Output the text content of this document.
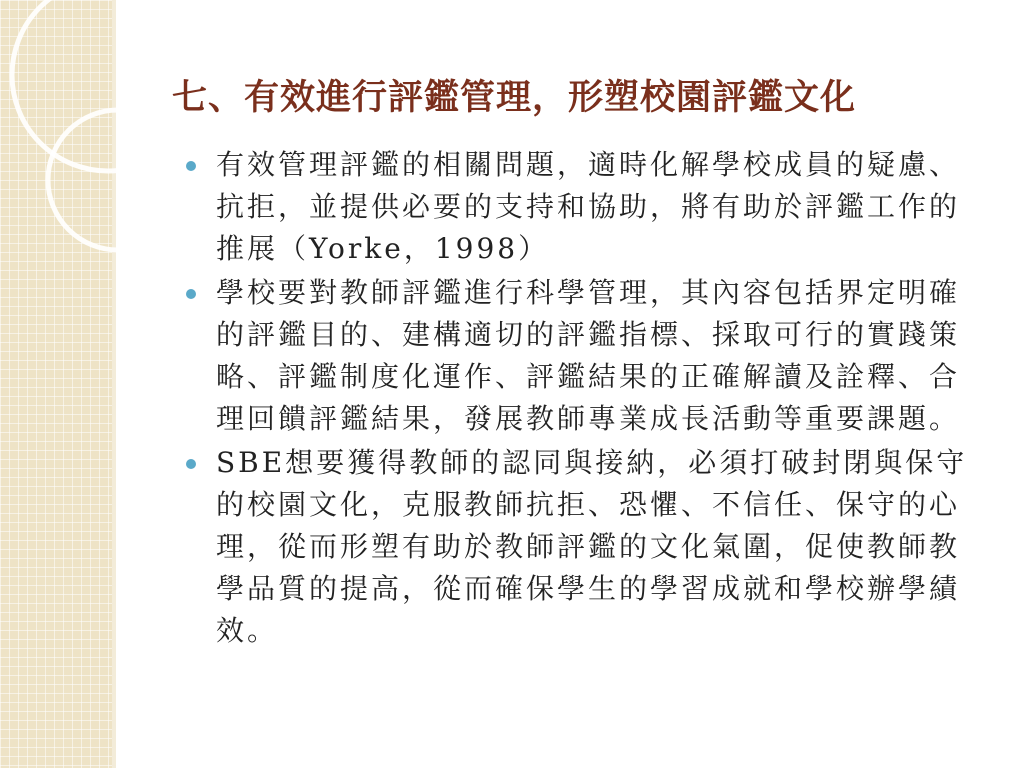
七、有效進行評鑑管理，形塑校園評鑑文化
有效管理評鑑的相關問題，適時化解學校成員的疑慮、抗拒，並提供必要的支持和協助，將有助於評鑑工作的推展（Yorke，1998）
學校要對教師評鑑進行科學管理，其內容包括界定明確的評鑑目的、建構適切的評鑑指標、採取可行的實踐策略、評鑑制度化運作、評鑑結果的正確解讀及詮釋、合理回饋評鑑結果，發展教師專業成長活動等重要課題。
SBE想要獲得教師的認同與接納，必須打破封閉與保守的校園文化，克服教師抗拒、恐懼、不信任、保守的心理，從而形塑有助於教師評鑑的文化氣圍，促使教師教學品質的提高，從而確保學生的學習成就和學校辦學績效。
